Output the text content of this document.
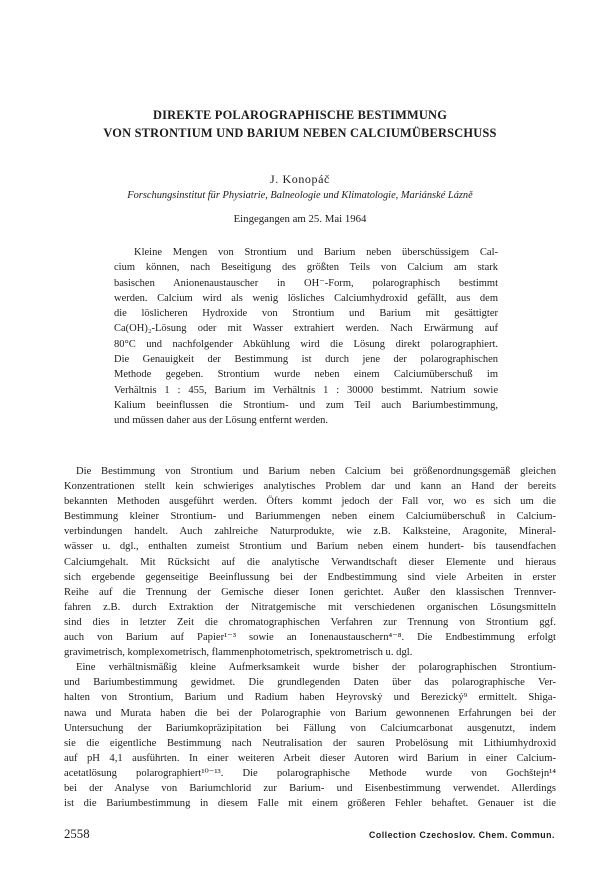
DIREKTE POLAROGRAPHISCHE BESTIMMUNG
VON STRONTIUM UND BARIUM NEBEN CALCIUMÜBERSCHUSS
J. Konopáč
Forschungsinstitut für Physiatrie, Balneologie und Klimatologie, Mariánské Lázně
Eingegangen am 25. Mai 1964
Kleine Mengen von Strontium und Barium neben überschüssigem Cal-
cium können, nach Beseitigung des größten Teils von Calcium am stark
basischen Anionenaustauscher in OH⁻-Form, polarographisch bestimmt
werden. Calcium wird als wenig lösliches Calciumhydroxid gefällt, aus dem
die löslicheren Hydroxide von Strontium und Barium mit gesättigter
Ca(OH)₂-Lösung oder mit Wasser extrahiert werden. Nach Erwärmung auf
80°C und nachfolgender Abkühlung wird die Lösung direkt polarographiert.
Die Genauigkeit der Bestimmung ist durch jene der polarographischen
Methode gegeben. Strontium wurde neben einem Calciumüberschuß im
Verhältnis 1 : 455, Barium im Verhältnis 1 : 30000 bestimmt. Natrium sowie
Kalium beeinflussen die Strontium- und zum Teil auch Bariumbestimmung,
und müssen daher aus der Lösung entfernt werden.
Die Bestimmung von Strontium und Barium neben Calcium bei größenordnungsgemäß gleichen
Konzentrationen stellt kein schwieriges analytisches Problem dar und kann an Hand der bereits
bekannten Methoden ausgeführt werden. Öfters kommt jedoch der Fall vor, wo es sich um die
Bestimmung kleiner Strontium- und Bariummengen neben einem Calciumüberschuß in Calcium-
verbindungen handelt. Auch zahlreiche Naturprodukte, wie z.B. Kalksteine, Aragonite, Mineral-
wässer u. dgl., enthalten zumeist Strontium und Barium neben einem hundert- bis tausendfachen
Calciumgehalt. Mit Rücksicht auf die analytische Verwandtschaft dieser Elemente und hieraus
sich ergebende gegenseitige Beeinflussung bei der Endbestimmung sind viele Arbeiten in erster
Reihe auf die Trennung der Gemische dieser Ionen gerichtet. Außer den klassischen Trennver-
fahren z.B. durch Extraktion der Nitratgemische mit verschiedenen organischen Lösungsmitteln
sind dies in letzter Zeit die chromatographischen Verfahren zur Trennung von Strontium ggf.
auch von Barium auf Papier¹⁻³ sowie an Ionenaustauschern⁴⁻⁸. Die Endbestimmung erfolgt
gravimetrisch, komplexometrisch, flammenphotometrisch, spektrometrisch u. dgl.
Eine verhältnismäßig kleine Aufmerksamkeit wurde bisher der polarographischen Strontium-
und Bariumbestimmung gewidmet. Die grundlegenden Daten über das polarographische Ver-
halten von Strontium, Barium und Radium haben Heyrovský und Berezický⁹ ermittelt. Shiga-
nawa und Murata haben die bei der Polarographie von Barium gewonnenen Erfahrungen bei der
Untersuchung der Bariumkopräzipitation bei Fällung von Calciumcarbonat ausgenutzt, indem
sie die eigentliche Bestimmung nach Neutralisation der sauren Probelösung mit Lithiumhydroxid
auf pH 4,1 ausführten. In einer weiteren Arbeit dieser Autoren wird Barium in einer Calcium-
acetatlösung polarographiert¹⁰⁻¹³. Die polarographische Methode wurde von Gochštejn¹⁴
bei der Analyse von Bariumchlorid zur Barium- und Eisenbestimmung verwendet. Allerdings
ist die Bariumbestimmung in diesem Falle mit einem größeren Fehler behaftet. Genauer ist die
2558	Collection Czechoslov. Chem. Commun.
